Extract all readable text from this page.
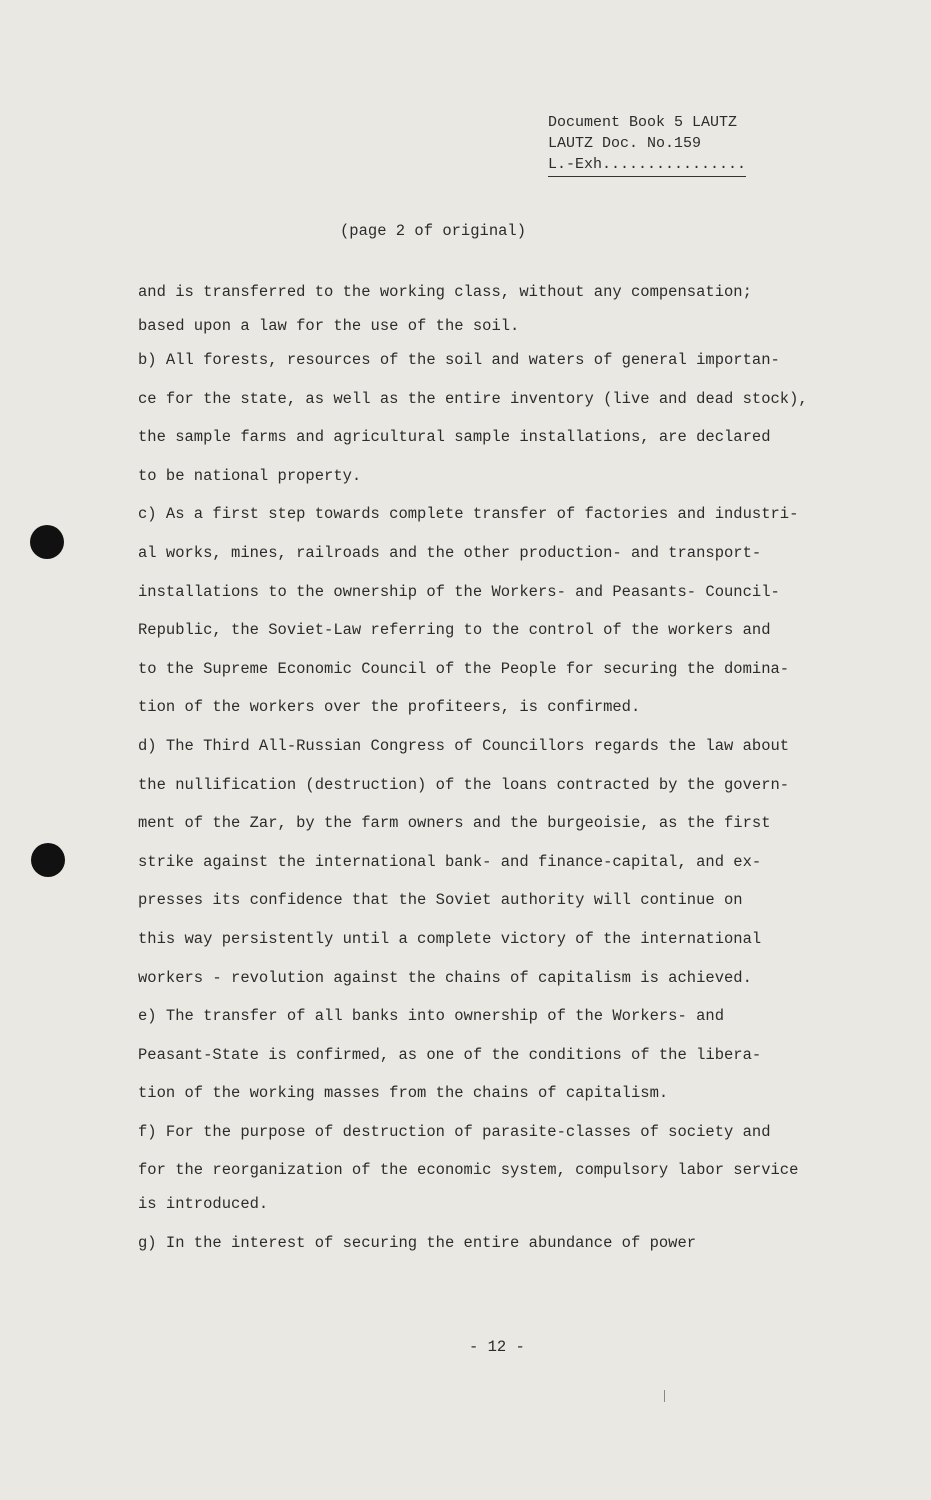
Document Book 5 LAUTZ
LAUTZ Doc. No.159
L.-Exh................
(page 2 of original)
and is transferred to the working class, without any compensation;
based upon a law for the use of the soil.
b) All forests, resources of the soil and waters of general importan-
ce for the state, as well as the entire inventory (live and dead stock),
the sample farms and agricultural sample installations, are declared
to be national property.
c) As a first step towards complete transfer of factories and industri-
al works, mines, railroads and the other production- and transport-
installations to the ownership of the Workers- and Peasants- Council-
Republic, the Soviet-Law referring to the control of the workers and
to the Supreme Economic Council of the People for securing the domina-
tion of the workers over the profiteers, is confirmed.
d) The Third All-Russian Congress of Councillors regards the law about
the nullification (destruction) of the loans contracted by the govern-
ment of the Zar, by the farm owners and the burgeoisie, as the first
strike against the international bank- and finance-capital, and ex-
presses its confidence that the Soviet authority will continue on
this way persistently until a complete victory of the international
workers - revolution against the chains of capitalism is achieved.
e) The transfer of all banks into ownership of the Workers- and
Peasant-State is confirmed, as one of the conditions of the libera-
tion of the working masses from the chains of capitalism.
f) For the purpose of destruction of parasite-classes of society and
for the reorganization of the economic system, compulsory labor service
is introduced.
g) In the interest of securing the entire abundance of power
- 12 -
